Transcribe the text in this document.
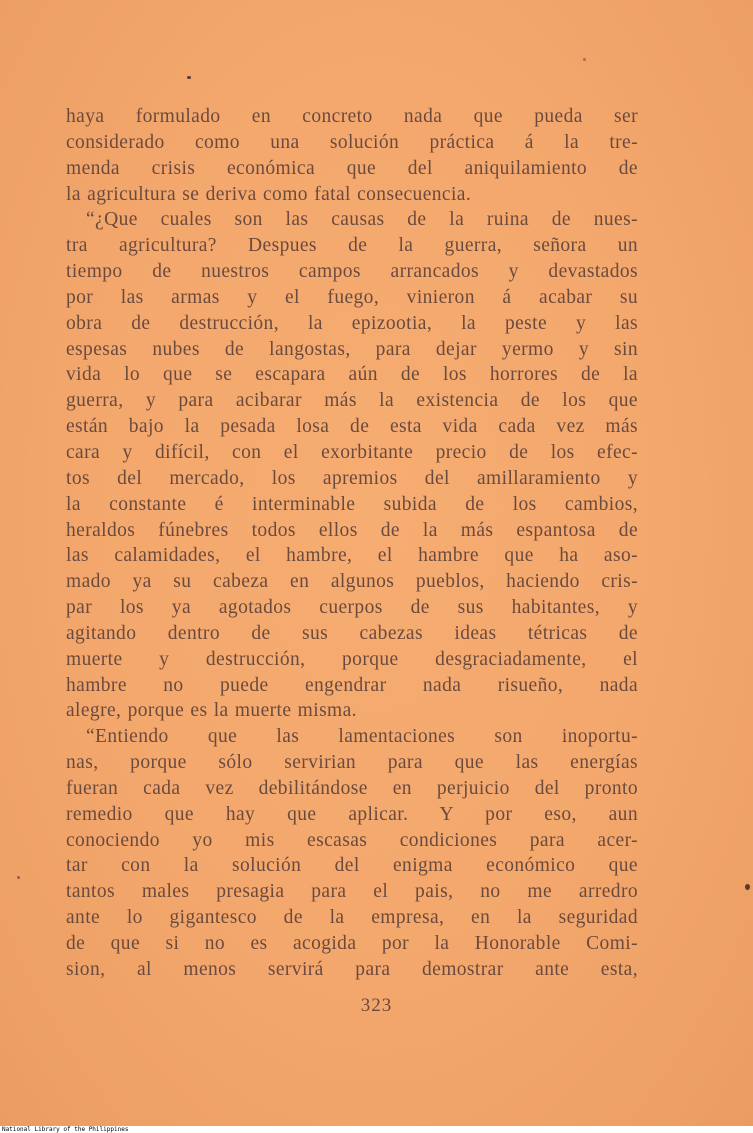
haya formulado en concreto nada que pueda ser
considerado como una solución práctica á la tre-
menda crisis económica que del aniquilamiento de
la agricultura se deriva como fatal consecuencia.
“¿Que cuales son las causas de la ruina de nues-
tra agricultura? Despues de la guerra, señora un
tiempo de nuestros campos arrancados y devastados
por las armas y el fuego, vinieron á acabar su
obra de destrucción, la epizootia, la peste y las
espesas nubes de langostas, para dejar yermo y sin
vida lo que se escapara aún de los horrores de la
guerra, y para acibarar más la existencia de los que
están bajo la pesada losa de esta vida cada vez más
cara y difícil, con el exorbitante precio de los efec-
tos del mercado, los apremios del amillaramiento y
la constante é interminable subida de los cambios,
heraldos fúnebres todos ellos de la más espantosa de
las calamidades, el hambre, el hambre que ha aso-
mado ya su cabeza en algunos pueblos, haciendo cris-
par los ya agotados cuerpos de sus habitantes, y
agitando dentro de sus cabezas ideas tétricas de
muerte y destrucción, porque desgraciadamente, el
hambre no puede engendrar nada risueño, nada
alegre, porque es la muerte misma.
“Entiendo que las lamentaciones son inoportu-
nas, porque sólo servirian para que las energías
fueran cada vez debilitándose en perjuicio del pronto
remedio que hay que aplicar. Y por eso, aun
conociendo yo mis escasas condiciones para acer-
tar con la solución del enigma económico que
tantos males presagia para el pais, no me arredro
ante lo gigantesco de la empresa, en la seguridad
de que si no es acogida por la Honorable Comi-
sion, al menos servirá para demostrar ante esta,
323
National Library of the Philippines
